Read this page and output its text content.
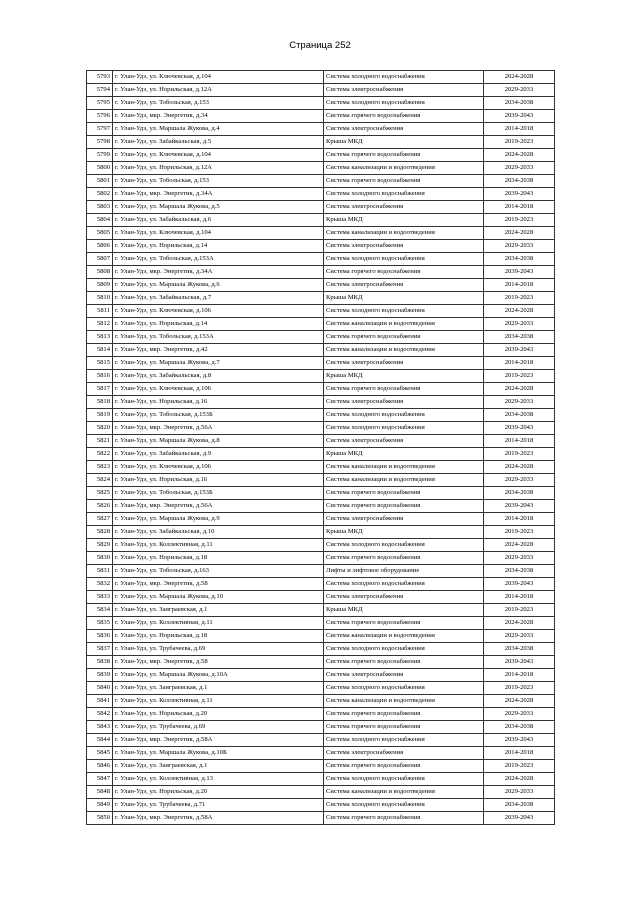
Страница 252
5793	г. Улан-Удэ, ул. Ключевская, д.104	Система холодного водоснабжения	2024-2028
5794	г. Улан-Удэ, ул. Норильская, д.12А	Система электроснабжения	2029-2033
5795	г. Улан-Удэ, ул. Тобольская, д.153	Система холодного водоснабжения	2034-2038
5796	г. Улан-Удэ, мкр. Энергетик, д.34	Система горячего водоснабжения	2039-2043
5797	г. Улан-Удэ, ул. Маршала Жукова, д.4	Система электроснабжения	2014-2018
5798	г. Улан-Удэ, ул. Забайкальская, д.5	Крыша МКД	2019-2023
5799	г. Улан-Удэ, ул. Ключевская, д.104	Система горячего водоснабжения	2024-2028
5800	г. Улан-Удэ, ул. Норильская, д.12А	Система канализации и водоотведения	2029-2033
5801	г. Улан-Удэ, ул. Тобольская, д.153	Система горячего водоснабжения	2034-2038
5802	г. Улан-Удэ, мкр. Энергетик, д.34А	Система холодного водоснабжения	2039-2043
5803	г. Улан-Удэ, ул. Маршала Жукова, д.5	Система электроснабжения	2014-2018
5804	г. Улан-Удэ, ул. Забайкальская, д.6	Крыша МКД	2019-2023
5805	г. Улан-Удэ, ул. Ключевская, д.104	Система канализации и водоотведения	2024-2028
5806	г. Улан-Удэ, ул. Норильская, д.14	Система электроснабжения	2029-2033
5807	г. Улан-Удэ, ул. Тобольская, д.153А	Система холодного водоснабжения	2034-2038
5808	г. Улан-Удэ, мкр. Энергетик, д.34А	Система горячего водоснабжения	2039-2043
5809	г. Улан-Удэ, ул. Маршала Жукова, д.6	Система электроснабжения	2014-2018
5810	г. Улан-Удэ, ул. Забайкальская, д.7	Крыша МКД	2019-2023
5811	г. Улан-Удэ, ул. Ключевская, д.106	Система холодного водоснабжения	2024-2028
5812	г. Улан-Удэ, ул. Норильская, д.14	Система канализации и водоотведения	2029-2033
5813	г. Улан-Удэ, ул. Тобольская, д.153А	Система горячего водоснабжения	2034-2038
5814	г. Улан-Удэ, мкр. Энергетик, д.42	Система канализации и водоотведения	2039-2043
5815	г. Улан-Удэ, ул. Маршала Жукова, д.7	Система электроснабжения	2014-2018
5816	г. Улан-Удэ, ул. Забайкальская, д.8	Крыша МКД	2019-2023
5817	г. Улан-Удэ, ул. Ключевская, д.106	Система горячего водоснабжения	2024-2028
5818	г. Улан-Удэ, ул. Норильская, д.16	Система электроснабжения	2029-2033
5819	г. Улан-Удэ, ул. Тобольская, д.153Б	Система холодного водоснабжения	2034-2038
5820	г. Улан-Удэ, мкр. Энергетик, д.56А	Система холодного водоснабжения	2039-2043
5821	г. Улан-Удэ, ул. Маршала Жукова, д.8	Система электроснабжения	2014-2018
5822	г. Улан-Удэ, ул. Забайкальская, д.9	Крыша МКД	2019-2023
5823	г. Улан-Удэ, ул. Ключевская, д.106	Система канализации и водоотведения	2024-2028
5824	г. Улан-Удэ, ул. Норильская, д.16	Система канализации и водоотведения	2029-2033
5825	г. Улан-Удэ, ул. Тобольская, д.153Б	Система горячего водоснабжения	2034-2038
5826	г. Улан-Удэ, мкр. Энергетик, д.56А	Система горячего водоснабжения	2039-2043
5827	г. Улан-Удэ, ул. Маршала Жукова, д.9	Система электроснабжения	2014-2018
5828	г. Улан-Удэ, ул. Забайкальская, д.10	Крыша МКД	2019-2023
5829	г. Улан-Удэ, ул. Коллективная, д.11	Система холодного водоснабжения	2024-2028
5830	г. Улан-Удэ, ул. Норильская, д.18	Система горячего водоснабжения	2029-2033
5831	г. Улан-Удэ, ул. Тобольская, д.163	Лифты и лифтовое оборудование	2034-2038
5832	г. Улан-Удэ, мкр. Энергетик, д.58	Система холодного водоснабжения	2039-2043
5833	г. Улан-Удэ, ул. Маршала Жукова, д.10	Система электроснабжения	2014-2018
5834	г. Улан-Удэ, ул. Заиграевская, д.1	Крыша МКД	2019-2023
5835	г. Улан-Удэ, ул. Коллективная, д.11	Система горячего водоснабжения	2024-2028
5836	г. Улан-Удэ, ул. Норильская, д.18	Система канализации и водоотведения	2029-2033
5837	г. Улан-Удэ, ул. Трубачеева, д.69	Система холодного водоснабжения	2034-2038
5838	г. Улан-Удэ, мкр. Энергетик, д.58	Система горячего водоснабжения	2039-2043
5839	г. Улан-Удэ, ул. Маршала Жукова, д.10А	Система электроснабжения	2014-2018
5840	г. Улан-Удэ, ул. Заиграевская, д.1	Система холодного водоснабжения	2019-2023
5841	г. Улан-Удэ, ул. Коллективная, д.11	Система канализации и водоотведения	2024-2028
5842	г. Улан-Удэ, ул. Норильская, д.20	Система горячего водоснабжения	2029-2033
5843	г. Улан-Удэ, ул. Трубачеева, д.69	Система горячего водоснабжения	2034-2038
5844	г. Улан-Удэ, мкр. Энергетик, д.58А	Система холодного водоснабжения	2039-2043
5845	г. Улан-Удэ, ул. Маршала Жукова, д.10Б	Система электроснабжения	2014-2018
5846	г. Улан-Удэ, ул. Заиграевская, д.1	Система горячего водоснабжения	2019-2023
5847	г. Улан-Удэ, ул. Коллективная, д.13	Система холодного водоснабжения	2024-2028
5848	г. Улан-Удэ, ул. Норильская, д.20	Система канализации и водоотведения	2029-2033
5849	г. Улан-Удэ, ул. Трубачеева, д.71	Система холодного водоснабжения	2034-2038
5850	г. Улан-Удэ, мкр. Энергетик, д.58А	Система горячего водоснабжения	2039-2043
